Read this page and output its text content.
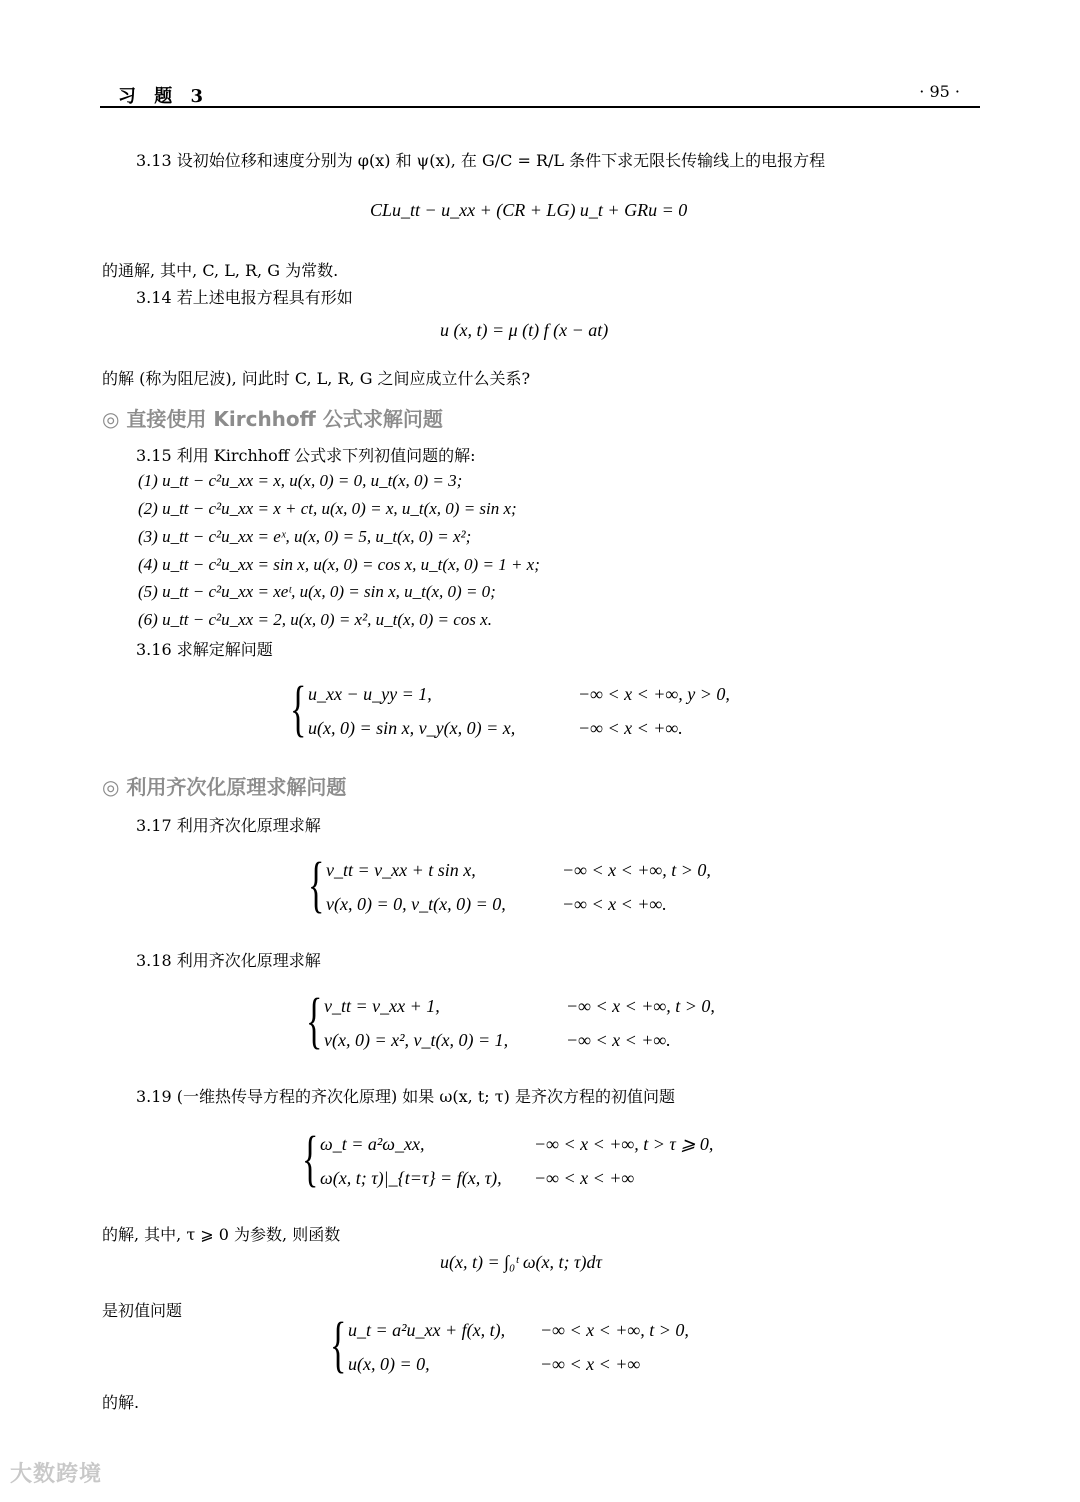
习 题 3	· 95 ·
3.13 设初始位移和速度分别为 φ(x) 和 ψ(x), 在 G/C = R/L 条件下求无限长传输线上的电报方程
CLu_tt − u_xx + (CR + LG) u_t + GRu = 0
的通解, 其中, C, L, R, G 为常数.
3.14 若上述电报方程具有形如
u (x, t) = μ (t) f (x − at)
的解 (称为阻尼波), 问此时 C, L, R, G 之间应成立什么关系?
◎ 直接使用 Kirchhoff 公式求解问题
3.15 利用 Kirchhoff 公式求下列初值问题的解:
(1) u_tt − c²u_xx = x, u(x, 0) = 0, u_t(x, 0) = 3;
(2) u_tt − c²u_xx = x + ct, u(x, 0) = x, u_t(x, 0) = sin x;
(3) u_tt − c²u_xx = eˣ, u(x, 0) = 5, u_t(x, 0) = x²;
(4) u_tt − c²u_xx = sin x, u(x, 0) = cos x, u_t(x, 0) = 1 + x;
(5) u_tt − c²u_xx = xeᵗ, u(x, 0) = sin x, u_t(x, 0) = 0;
(6) u_tt − c²u_xx = 2, u(x, 0) = x², u_t(x, 0) = cos x.
3.16 求解定解问题
{ u_xx − u_yy = 1,	−∞ < x < +∞, y > 0,
u(x, 0) = sin x, v_y(x, 0) = x,	−∞ < x < +∞.
◎ 利用齐次化原理求解问题
3.17 利用齐次化原理求解
{ v_tt = v_xx + t sin x,	−∞ < x < +∞, t > 0,
v(x, 0) = 0, v_t(x, 0) = 0,	−∞ < x < +∞.
3.18 利用齐次化原理求解
{ v_tt = v_xx + 1,	−∞ < x < +∞, t > 0,
v(x, 0) = x², v_t(x, 0) = 1,	−∞ < x < +∞.
3.19 (一维热传导方程的齐次化原理) 如果 ω(x, t; τ) 是齐次方程的初值问题
{ ω_t = a²ω_xx,	−∞ < x < +∞, t > τ ⩾ 0,
ω(x, t; τ)|_{t=τ} = f(x, τ), −∞ < x < +∞
的解, 其中, τ ⩾ 0 为参数, 则函数
u(x, t) = ∫₀ᵗ ω(x, t; τ)dτ
是初值问题
{ u_t = a²u_xx + f(x, t), −∞ < x < +∞, t > 0,
u(x, 0) = 0,	−∞ < x < +∞
的解.
大数跨境
